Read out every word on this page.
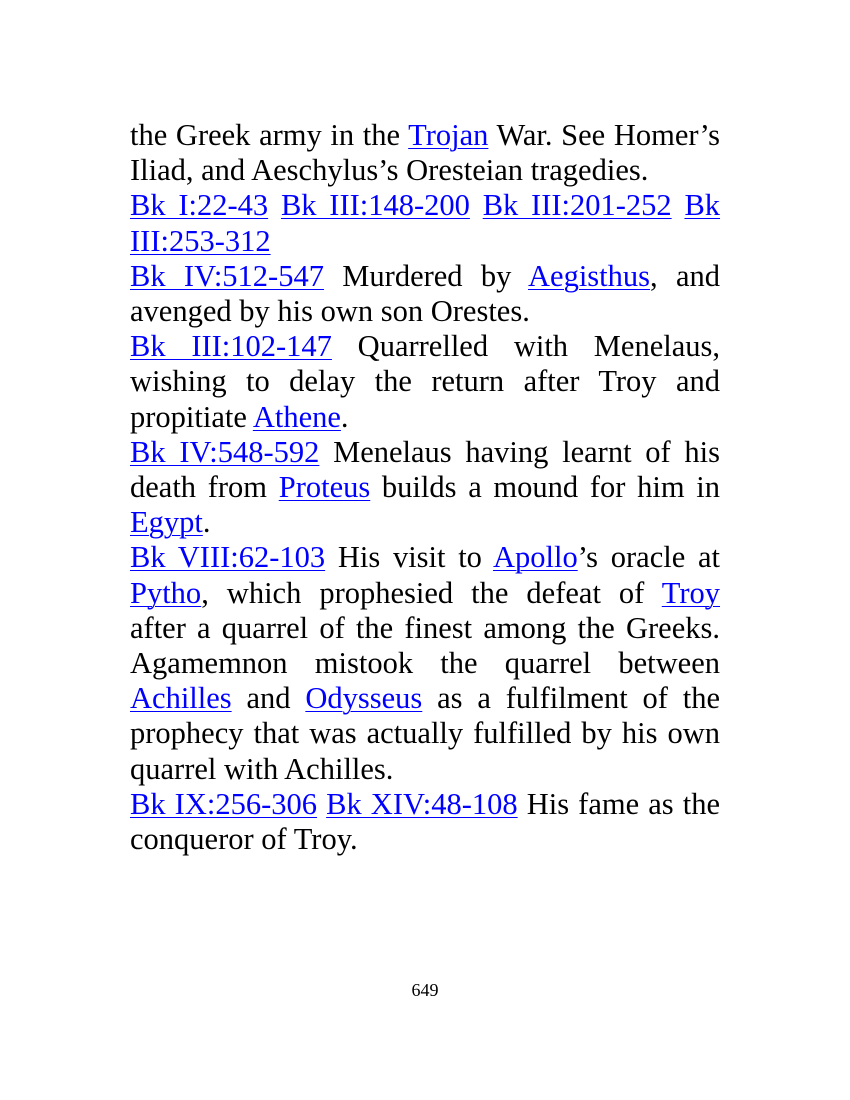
the Greek army in the Trojan War. See Homer’s Iliad, and Aeschylus’s Oresteian tragedies.

Bk I:22-43 Bk III:148-200 Bk III:201-252 Bk III:253-312

Bk IV:512-547 Murdered by Aegisthus, and avenged by his own son Orestes.

Bk III:102-147 Quarrelled with Menelaus, wishing to delay the return after Troy and propitiate Athene.

Bk IV:548-592 Menelaus having learnt of his death from Proteus builds a mound for him in Egypt.

Bk VIII:62-103 His visit to Apollo’s oracle at Pytho, which prophesied the defeat of Troy after a quarrel of the finest among the Greeks. Agamemnon mistook the quarrel between Achilles and Odysseus as a fulfilment of the prophecy that was actually fulfilled by his own quarrel with Achilles.

Bk IX:256-306 Bk XIV:48-108 His fame as the conqueror of Troy.

649
